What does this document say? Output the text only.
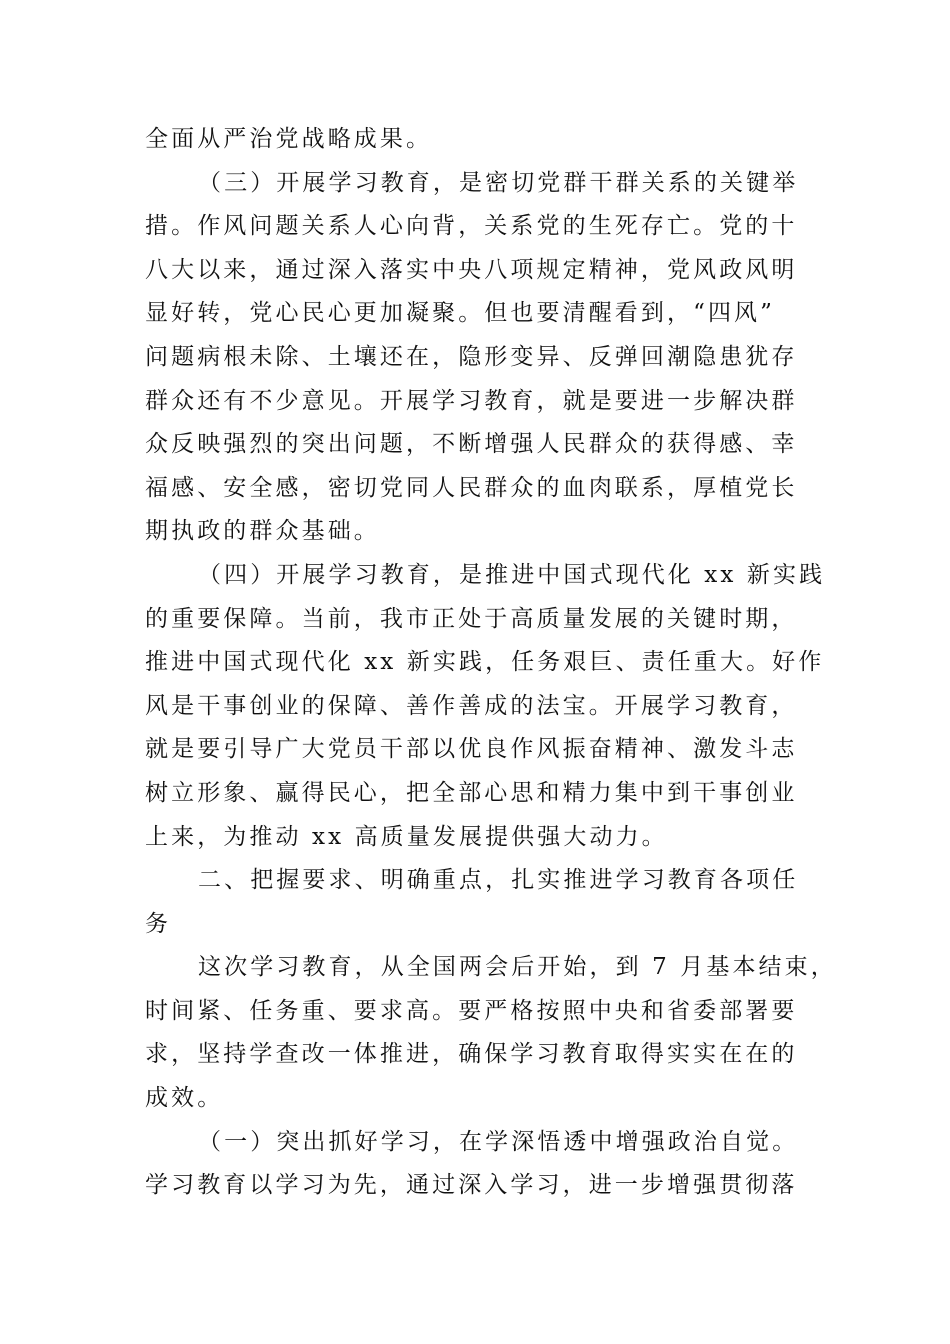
全面从严治党战略成果。
（三）开展学习教育，是密切党群干群关系的关键举
措。作风问题关系人心向背，关系党的生死存亡。党的十
八大以来，通过深入落实中央八项规定精神，党风政风明
显好转，党心民心更加凝聚。但也要清醒看到，“四风”
问题病根未除、土壤还在，隐形变异、反弹回潮隐患犹存
群众还有不少意见。开展学习教育，就是要进一步解决群
众反映强烈的突出问题，不断增强人民群众的获得感、幸
福感、安全感，密切党同人民群众的血肉联系，厚植党长
期执政的群众基础。
（四）开展学习教育，是推进中国式现代化 xx 新实践
的重要保障。当前，我市正处于高质量发展的关键时期，
推进中国式现代化 xx 新实践，任务艰巨、责任重大。好作
风是干事创业的保障、善作善成的法宝。开展学习教育，
就是要引导广大党员干部以优良作风振奋精神、激发斗志
树立形象、赢得民心，把全部心思和精力集中到干事创业
上来，为推动 xx 高质量发展提供强大动力。
二、把握要求、明确重点，扎实推进学习教育各项任
务
这次学习教育，从全国两会后开始，到 7 月基本结束，
时间紧、任务重、要求高。要严格按照中央和省委部署要
求，坚持学查改一体推进，确保学习教育取得实实在在的
成效。
（一）突出抓好学习，在学深悟透中增强政治自觉。
学习教育以学习为先，通过深入学习，进一步增强贯彻落
